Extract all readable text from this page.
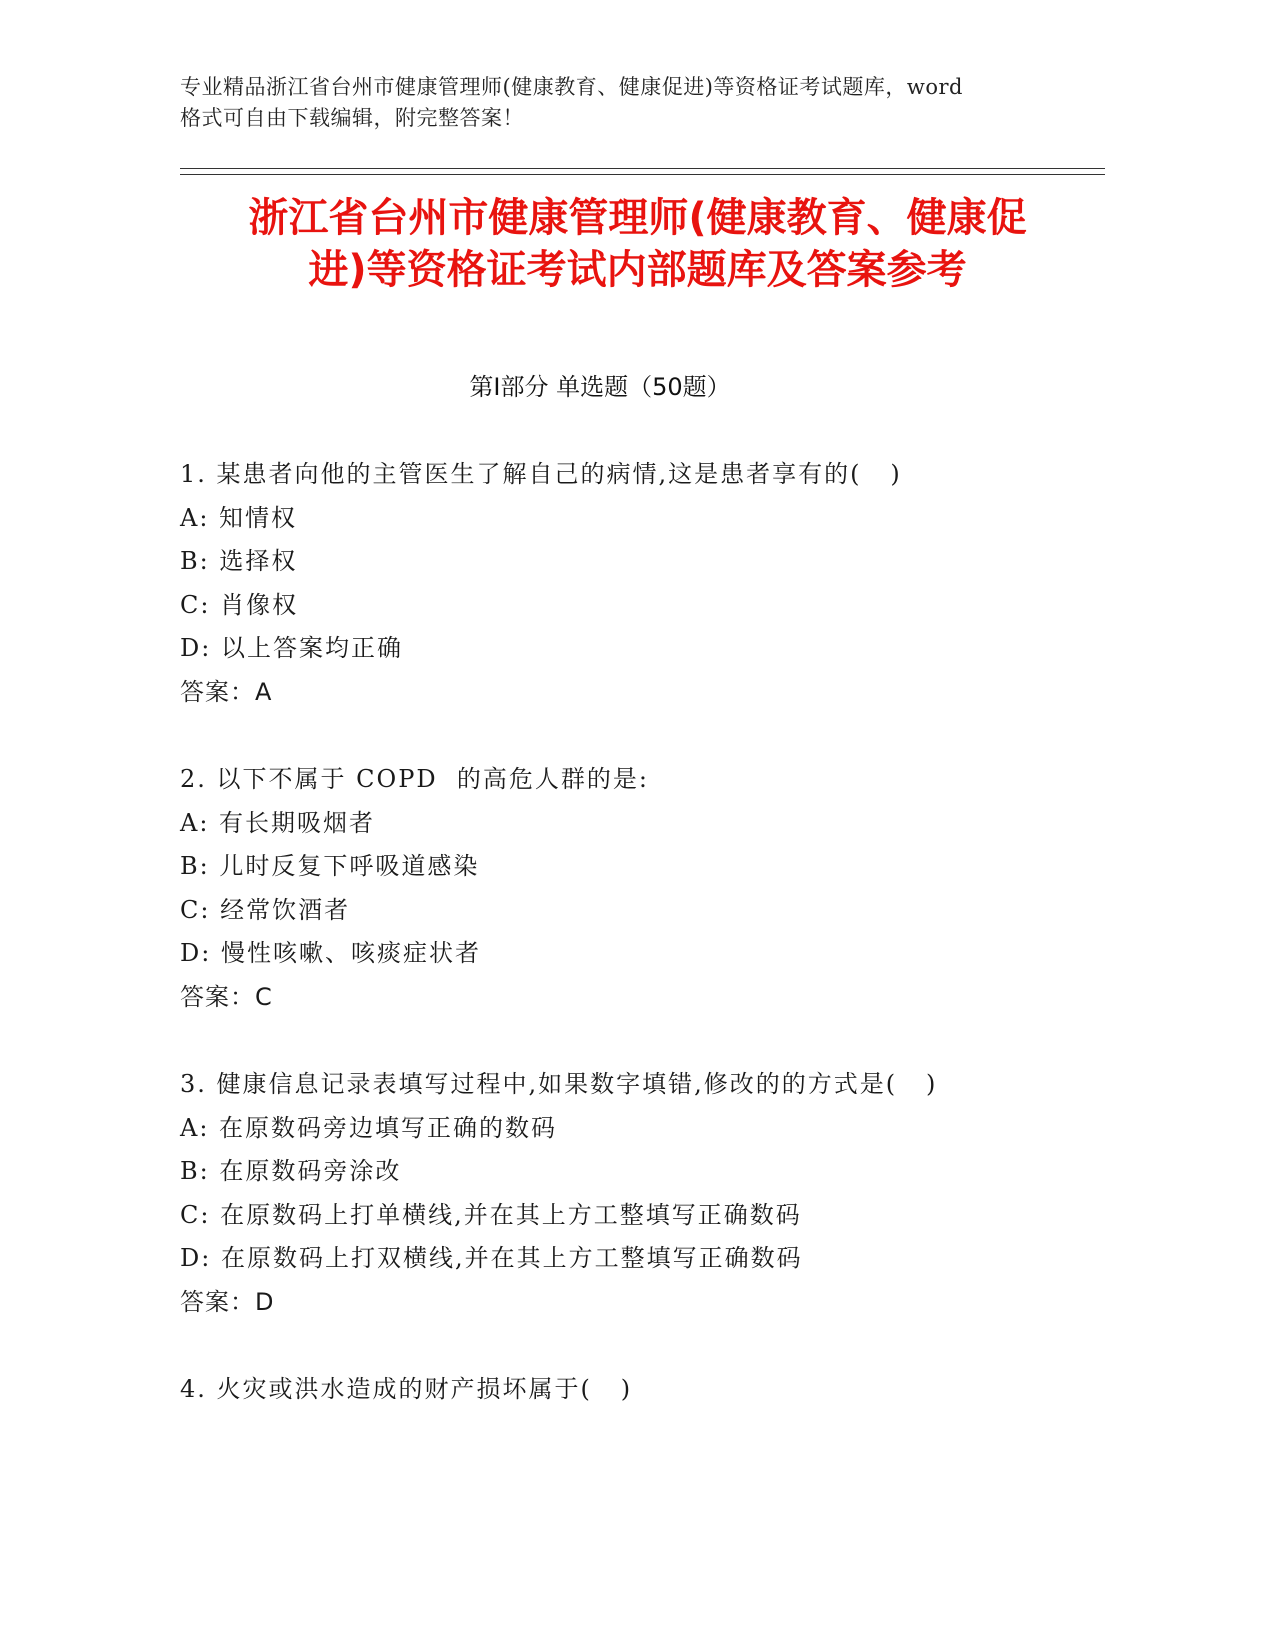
专业精品浙江省台州市健康管理师(健康教育、健康促进)等资格证考试题库，word
格式可自由下载编辑，附完整答案！
浙江省台州市健康管理师(健康教育、健康促
进)等资格证考试内部题库及答案参考
第Ⅰ部分 单选题（50题）
1. 某患者向他的主管医生了解自己的病情,这是患者享有的(   )
A: 知情权
B: 选择权
C: 肖像权
D: 以上答案均正确
答案：A
2. 以下不属于 COPD  的高危人群的是:
A: 有长期吸烟者
B: 儿时反复下呼吸道感染
C: 经常饮酒者
D: 慢性咳嗽、咳痰症状者
答案：C
3. 健康信息记录表填写过程中,如果数字填错,修改的的方式是(   )
A: 在原数码旁边填写正确的数码
B: 在原数码旁涂改
C: 在原数码上打单横线,并在其上方工整填写正确数码
D: 在原数码上打双横线,并在其上方工整填写正确数码
答案：D
4. 火灾或洪水造成的财产损坏属于(   )
